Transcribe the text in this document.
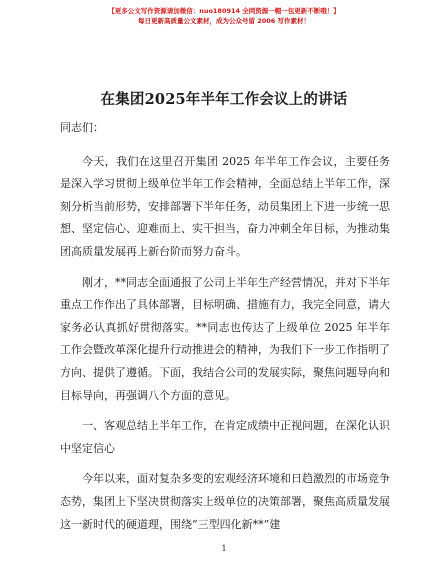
【更多公文写作资源请加微信：nuo180914 全网资源一帽一包更新不断哦！】
每日更新高质量公文素材，成为公众号留 2006 写作素材！
在集团2025年半年工作会议上的讲话

同志们：

今天，我们在这里召开集团 2025 年半年工作会议，主要任务是深入学习贯彻上级单位半年工作会精神，全面总结上半年工作，深刻分析当前形势，安排部署下半年任务，动员集团上下进一步统一思想、坚定信心、迎难而上、实干担当，奋力冲刺全年目标，为推动集团高质量发展再上新台阶而努力奋斗。

刚才，**同志全面通报了公司上半年生产经营情况，并对下半年重点工作作出了具体部署，目标明确、措施有力，我完全同意，请大家务必认真抓好贯彻落实。**同志也传达了上级单位 2025 年半年工作会暨改革深化提升行动推进会的精神，为我们下一步工作指明了方向、提供了遵循。下面，我结合公司的发展实际，聚焦问题导向和目标导向，再强调八个方面的意见。

一、客观总结上半年工作，在肯定成绩中正视问题，在深化认识中坚定信心

今年以来，面对复杂多变的宏观经济环境和日趋激烈的市场竞争态势，集团上下坚决贯彻落实上级单位的决策部署，聚焦高质量发展这一新时代的硬道理，围绕“三型四化新**”建

1
